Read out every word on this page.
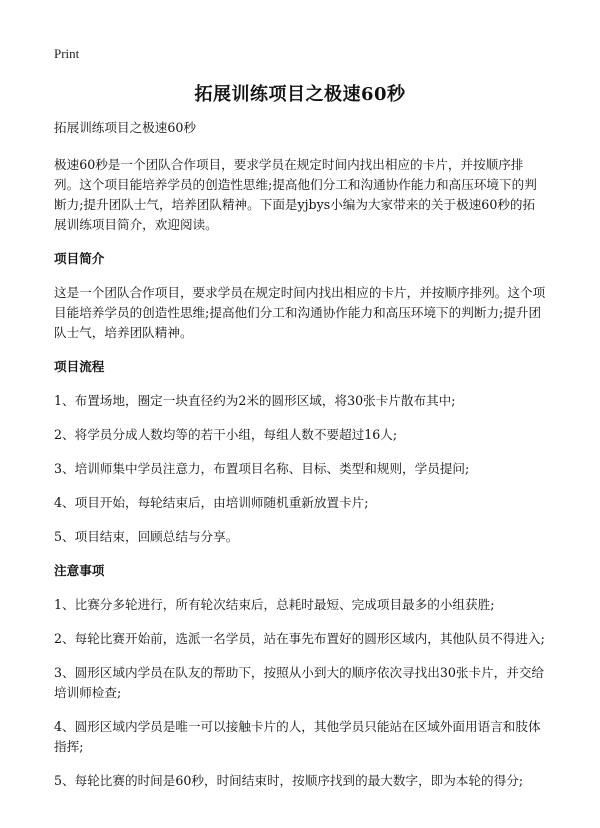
Print
拓展训练项目之极速60秒
拓展训练项目之极速60秒
极速60秒是一个团队合作项目，要求学员在规定时间内找出相应的卡片，并按顺序排列。这个项目能培养学员的创造性思维;提高他们分工和沟通协作能力和高压环境下的判断力;提升团队士气，培养团队精神。下面是yjbys小编为大家带来的关于极速60秒的拓展训练项目简介，欢迎阅读。
项目简介
这是一个团队合作项目，要求学员在规定时间内找出相应的卡片，并按顺序排列。这个项目能培养学员的创造性思维;提高他们分工和沟通协作能力和高压环境下的判断力;提升团队士气，培养团队精神。
项目流程
1、布置场地，圈定一块直径约为2米的圆形区域，将30张卡片散布其中;
2、将学员分成人数均等的若干小组，每组人数不要超过16人;
3、培训师集中学员注意力，布置项目名称、目标、类型和规则，学员提问;
4、项目开始，每轮结束后，由培训师随机重新放置卡片;
5、项目结束，回顾总结与分享。
注意事项
1、比赛分多轮进行，所有轮次结束后，总耗时最短、完成项目最多的小组获胜;
2、每轮比赛开始前，选派一名学员，站在事先布置好的圆形区域内，其他队员不得进入;
3、圆形区域内学员在队友的帮助下，按照从小到大的顺序依次寻找出30张卡片，并交给培训师检查;
4、圆形区域内学员是唯一可以接触卡片的人，其他学员只能站在区域外面用语言和肢体指挥;
5、每轮比赛的时间是60秒，时间结束时，按顺序找到的最大数字，即为本轮的得分;
